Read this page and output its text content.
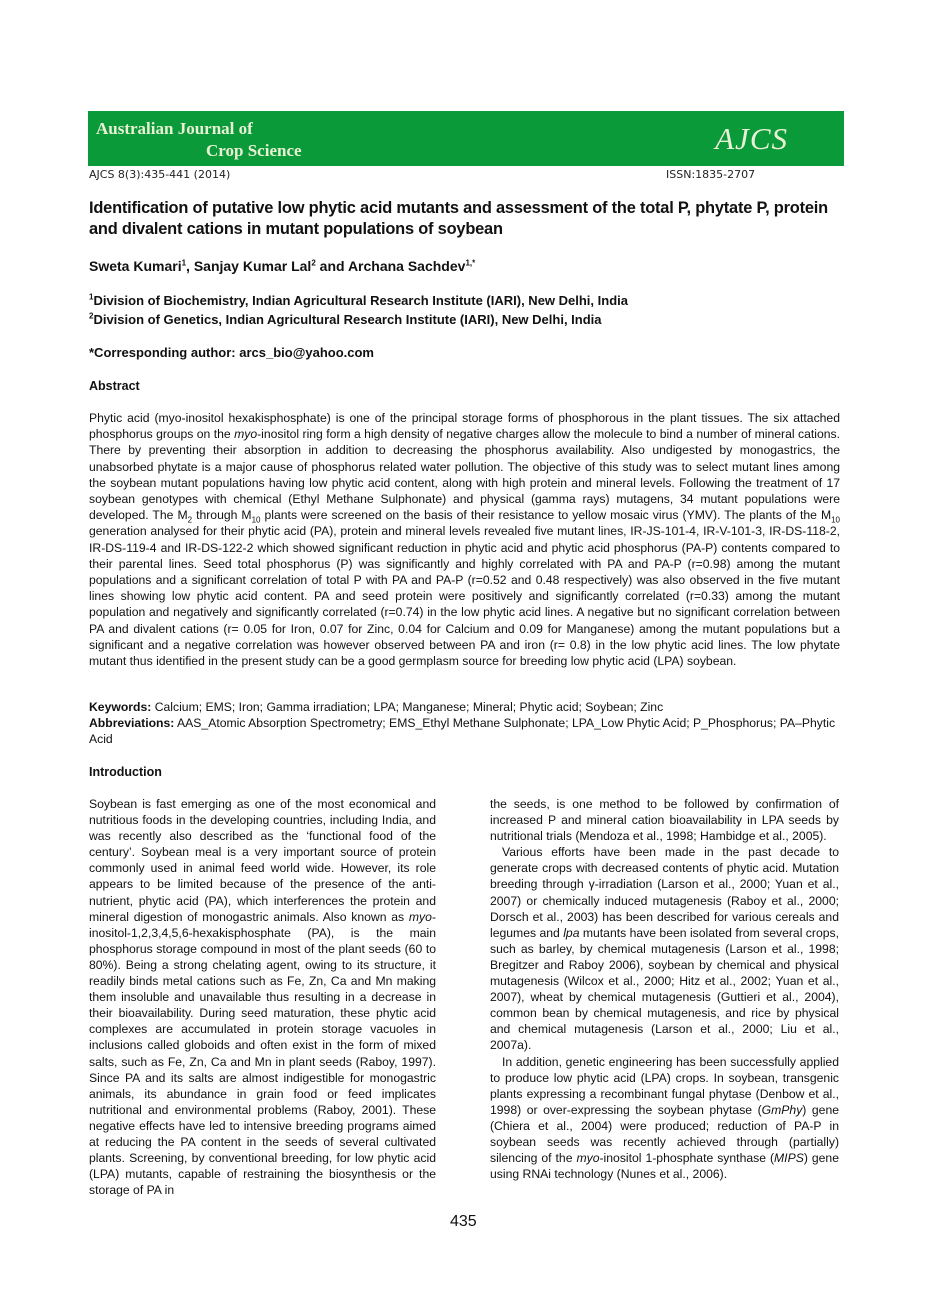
Australian Journal of
Crop Science	AJCS
AJCS 8(3):435-441 (2014)	ISSN:1835-2707
Identification of putative low phytic acid mutants and assessment of the total P, phytate P, protein and divalent cations in mutant populations of soybean
Sweta Kumari$^1$, Sanjay Kumar Lal$^2$ and Archana Sachdev$^{1,*}$
$^1$Division of Biochemistry, Indian Agricultural Research Institute (IARI), New Delhi, India
$^2$Division of Genetics, Indian Agricultural Research Institute (IARI), New Delhi, India
*Corresponding author: arcs_bio@yahoo.com
Abstract

Phytic acid (myo-inositol hexakisphosphate) is one of the principal storage forms of phosphorous in the plant tissues. The six attached phosphorus groups on the myo-inositol ring form a high density of negative charges allow the molecule to bind a number of mineral cations. There by preventing their absorption in addition to decreasing the phosphorus availability. Also undigested by monogastrics, the unabsorbed phytate is a major cause of phosphorus related water pollution. The objective of this study was to select mutant lines among the soybean mutant populations having low phytic acid content, along with high protein and mineral levels. Following the treatment of 17 soybean genotypes with chemical (Ethyl Methane Sulphonate) and physical (gamma rays) mutagens, 34 mutant populations were developed. The $M_2$ through $M_{10}$ plants were screened on the basis of their resistance to yellow mosaic virus (YMV). The plants of the $M_{10}$ generation analysed for their phytic acid (PA), protein and mineral levels revealed five mutant lines, IR-JS-101-4, IR-V-101-3, IR-DS-118-2, IR-DS-119-4 and IR-DS-122-2 which showed significant reduction in phytic acid and phytic acid phosphorus (PA-P) contents compared to their parental lines. Seed total phosphorus (P) was significantly and highly correlated with PA and PA-P (r=0.98) among the mutant populations and a significant correlation of total P with PA and PA-P (r=0.52 and 0.48 respectively) was also observed in the five mutant lines showing low phytic acid content. PA and seed protein were positively and significantly correlated (r=0.33) among the mutant population and negatively and significantly correlated (r=0.74) in the low phytic acid lines. A negative but no significant correlation between PA and divalent cations (r= 0.05 for Iron, 0.07 for Zinc, 0.04 for Calcium and 0.09 for Manganese) among the mutant populations but a significant and a negative correlation was however observed between PA and iron (r= 0.8) in the low phytic acid lines. The low phytate mutant thus identified in the present study can be a good germplasm source for breeding low phytic acid (LPA) soybean.

Keywords: Calcium; EMS; Iron; Gamma irradiation; LPA; Manganese; Mineral; Phytic acid; Soybean; Zinc
Abbreviations: AAS_Atomic Absorption Spectrometry; EMS_Ethyl Methane Sulphonate; LPA_Low Phytic Acid; P_Phosphorus; PA–Phytic Acid

Introduction

Soybean is fast emerging as one of the most economical and nutritious foods in the developing countries, including India, and was recently also described as the ‘functional food of the century’. Soybean meal is a very important source of protein commonly used in animal feed world wide. However, its role appears to be limited because of the presence of the anti-nutrient, phytic acid (PA), which interferences the protein and mineral digestion of monogastric animals. Also known as myo-inositol-1,2,3,4,5,6-hexakisphosphate (PA), is the main phosphorus storage compound in most of the plant seeds (60 to 80%). Being a strong chelating agent, owing to its structure, it readily binds metal cations such as Fe, Zn, Ca and Mn making them insoluble and unavailable thus resulting in a decrease in their bioavailability. During seed maturation, these phytic acid complexes are accumulated in protein storage vacuoles in inclusions called globoids and often exist in the form of mixed salts, such as Fe, Zn, Ca and Mn in plant seeds (Raboy, 1997). Since PA and its salts are almost indigestible for monogastric animals, its abundance in grain food or feed implicates nutritional and environmental problems (Raboy, 2001). These negative effects have led to intensive breeding programs aimed at reducing the PA content in the seeds of several cultivated plants. Screening, by conventional breeding, for low phytic acid (LPA) mutants, capable of restraining the biosynthesis or the storage of PA in

the seeds, is one method to be followed by confirmation of increased P and mineral cation bioavailability in LPA seeds by nutritional trials (Mendoza et al., 1998; Hambidge et al., 2005).

Various efforts have been made in the past decade to generate crops with decreased contents of phytic acid. Mutation breeding through γ-irradiation (Larson et al., 2000; Yuan et al., 2007) or chemically induced mutagenesis (Raboy et al., 2000; Dorsch et al., 2003) has been described for various cereals and legumes and lpa mutants have been isolated from several crops, such as barley, by chemical mutagenesis (Larson et al., 1998; Bregitzer and Raboy 2006), soybean by chemical and physical mutagenesis (Wilcox et al., 2000; Hitz et al., 2002; Yuan et al., 2007), wheat by chemical mutagenesis (Guttieri et al., 2004), common bean by chemical mutagenesis, and rice by physical and chemical mutagenesis (Larson et al., 2000; Liu et al., 2007a).

In addition, genetic engineering has been successfully applied to produce low phytic acid (LPA) crops. In soybean, transgenic plants expressing a recombinant fungal phytase (Denbow et al., 1998) or over-expressing the soybean phytase (GmPhy) gene (Chiera et al., 2004) were produced; reduction of PA-P in soybean seeds was recently achieved through (partially) silencing of the myo-inositol 1-phosphate synthase (MIPS) gene using RNAi technology (Nunes et al., 2006).

435
